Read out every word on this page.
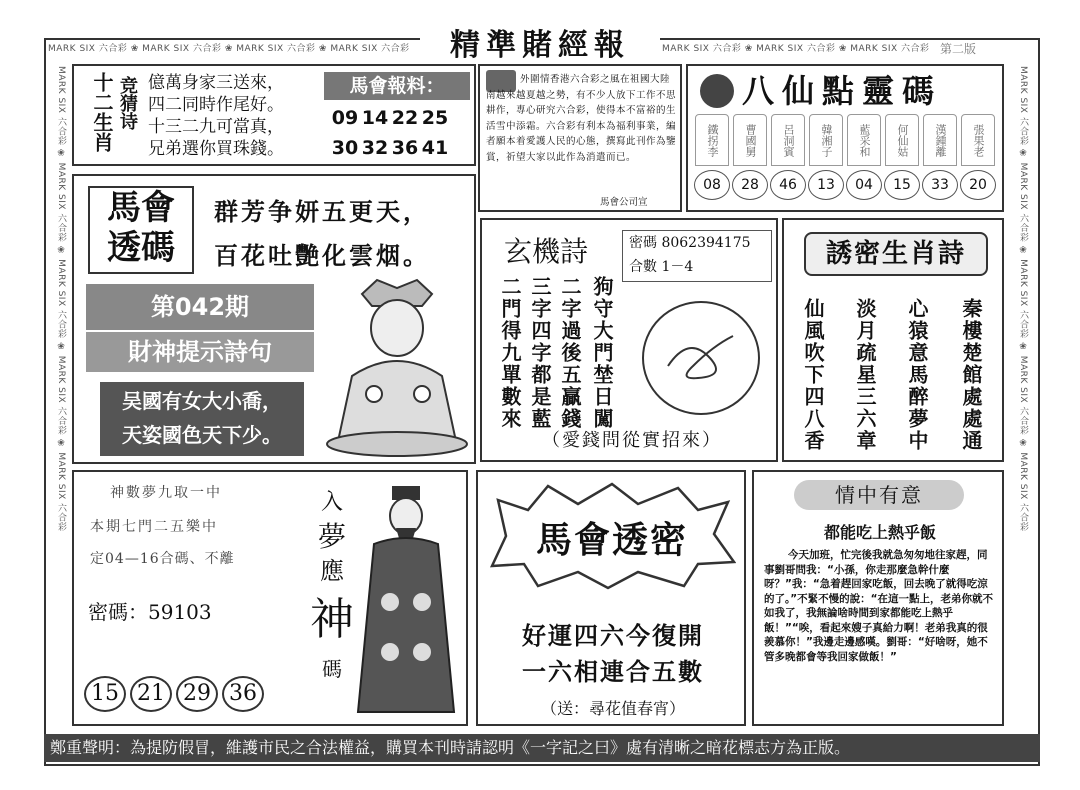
MARK SIX 六合彩 ❀ MARK SIX 六合彩 ❀ MARK SIX 六合彩 ❀ MARK SIX 六合彩	MARK SIX 六合彩 ❀ MARK SIX 六合彩 ❀ MARK SIX 六合彩
MARK SIX 六合彩 ❀ MARK SIX 六合彩 ❀ MARK SIX 六合彩 ❀ MARK SIX 六合彩 ❀ MARK SIX 六合彩
MARK SIX 六合彩 ❀ MARK SIX 六合彩 ❀ MARK SIX 六合彩 ❀ MARK SIX 六合彩 ❀ MARK SIX 六合彩
精準賭經報	第二版
十二生肖 竞猜诗 億萬身家三送來，
四二同時作尾好。
十三二九可當真，
兄弟選你買珠錢。
馬會報料：
09 14 22 25
30 32 36 41
外圍情香港六合彩之風在祖國大陸南越來越夏越之勢，有不少人放下工作不思耕作，專心研究六合彩，使得本不富裕的生活雪中添霜。六合彩有利本為福利事業，編者願本着愛護人民的心態，撰寫此刊作為鑒賞，祈望大家以此作為消遣而已。
馬會公司宣
八仙點靈碼
鐵拐李
08
曹國舅
28
呂洞賓
46
韓湘子
13
藍采和
04
何仙姑
15
漢鍾離
33
張果老
20
馬會
透碼
群芳争妍五更天，
百花吐艷化雲烟。
第042期
財神提示詩句
吴國有女大小喬，
天姿國色天下少。
玄機詩	密碼 8062394175
合數 1－4
狗守大門埜日闖
二字過後五贏錢
三字四字都是藍
二門得九單數來
（愛錢問從實招來）
誘密生肖詩
秦樓楚館處處通
心猿意馬醉夢中
淡月疏星三六章
仙風吹下四八香
神數夢九取一中
本期七門二五樂中
定04—16合碼、不離
密碼：59103
15 21 29 36
入
夢
應
神
碼
馬會透密
好運四六今復開
一六相連合五數
（送：尋花值春宵）
情中有意
都能吃上熱乎飯
今天加班，忙完後我就急匆匆地往家趕，同事劉哥問我：“小孫，你走那麼急幹什麼呀？”我：“急着趕回家吃飯，回去晚了就得吃涼的了。”不緊不慢的說：“在這一點上，老弟你就不如我了，我無論啥時間到家都能吃上熱乎飯！”“唉，看起來嫂子真給力啊！老弟我真的很羨慕你！”我邊走邊感嘆。劉哥：“好啥呀，她不管多晚都會等我回家做飯！”
鄭重聲明：為提防假冒，維護市民之合法權益，購買本刊時請認明《一字記之曰》處有清晰之暗花標志方為正版。
